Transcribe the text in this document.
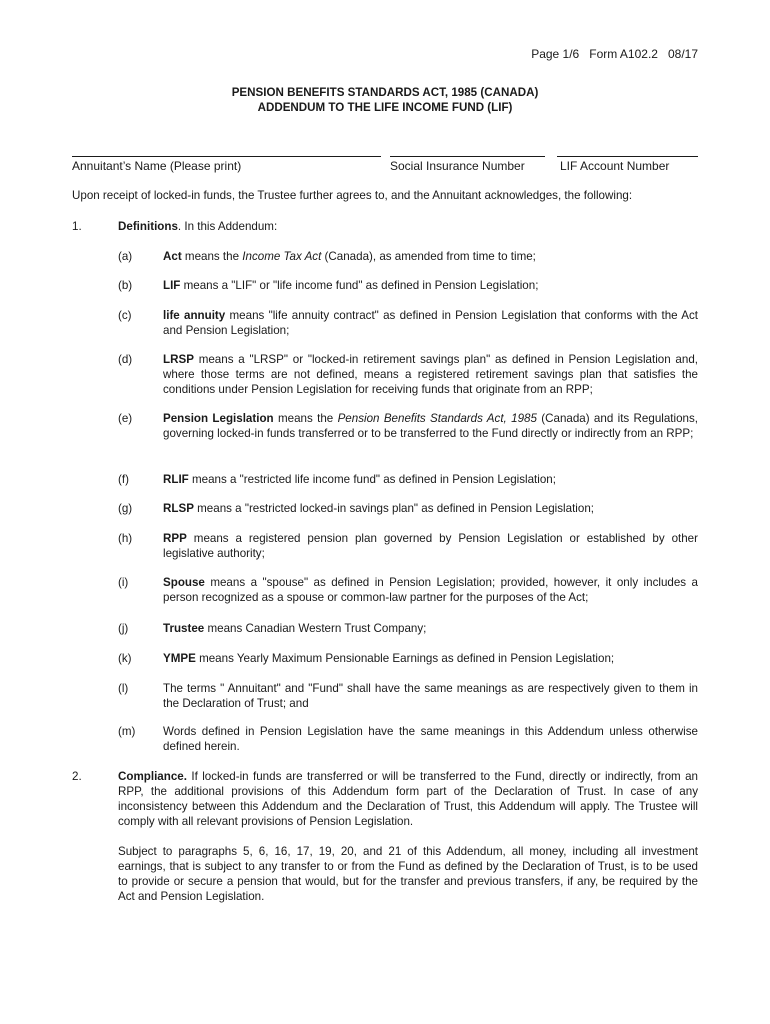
Page 1/6 Form A102.2 08/17
PENSION BENEFITS STANDARDS ACT, 1985 (CANADA)
ADDENDUM TO THE LIFE INCOME FUND (LIF)
Annuitant’s Name (Please print)	Social Insurance Number	LIF Account Number
Upon receipt of locked-in funds, the Trustee further agrees to, and the Annuitant acknowledges, the following:
1.	Definitions. In this Addendum:
(a)	Act means the Income Tax Act (Canada), as amended from time to time;
(b)	LIF means a "LIF" or "life income fund" as defined in Pension Legislation;
(c)	life annuity means "life annuity contract" as defined in Pension Legislation that conforms with the Act and Pension Legislation;
(d)	LRSP means a "LRSP" or "locked-in retirement savings plan" as defined in Pension Legislation and, where those terms are not defined, means a registered retirement savings plan that satisfies the conditions under Pension Legislation for receiving funds that originate from an RPP;
(e)	Pension Legislation means the Pension Benefits Standards Act, 1985 (Canada) and its Regulations, governing locked-in funds transferred or to be transferred to the Fund directly or indirectly from an RPP;
(f)	RLIF means a "restricted life income fund" as defined in Pension Legislation;
(g)	RLSP means a "restricted locked-in savings plan" as defined in Pension Legislation;
(h)	RPP means a registered pension plan governed by Pension Legislation or established by other legislative authority;
(i)	Spouse means a "spouse" as defined in Pension Legislation; provided, however, it only includes a person recognized as a spouse or common-law partner for the purposes of the Act;
(j)	Trustee means Canadian Western Trust Company;
(k)	YMPE means Yearly Maximum Pensionable Earnings as defined in Pension Legislation;
(l)	The terms " Annuitant" and "Fund" shall have the same meanings as are respectively given to them in the Declaration of Trust; and
(m) Words defined in Pension Legislation have the same meanings in this Addendum unless otherwise defined herein.
2.	Compliance. If locked-in funds are transferred or will be transferred to the Fund, directly or indirectly, from an RPP, the additional provisions of this Addendum form part of the Declaration of Trust. In case of any inconsistency between this Addendum and the Declaration of Trust, this Addendum will apply. The Trustee will comply with all relevant provisions of Pension Legislation.
Subject to paragraphs 5, 6, 16, 17, 19, 20, and 21 of this Addendum, all money, including all investment earnings, that is subject to any transfer to or from the Fund as defined by the Declaration of Trust, is to be used to provide or secure a pension that would, but for the transfer and previous transfers, if any, be required by the Act and Pension Legislation.
